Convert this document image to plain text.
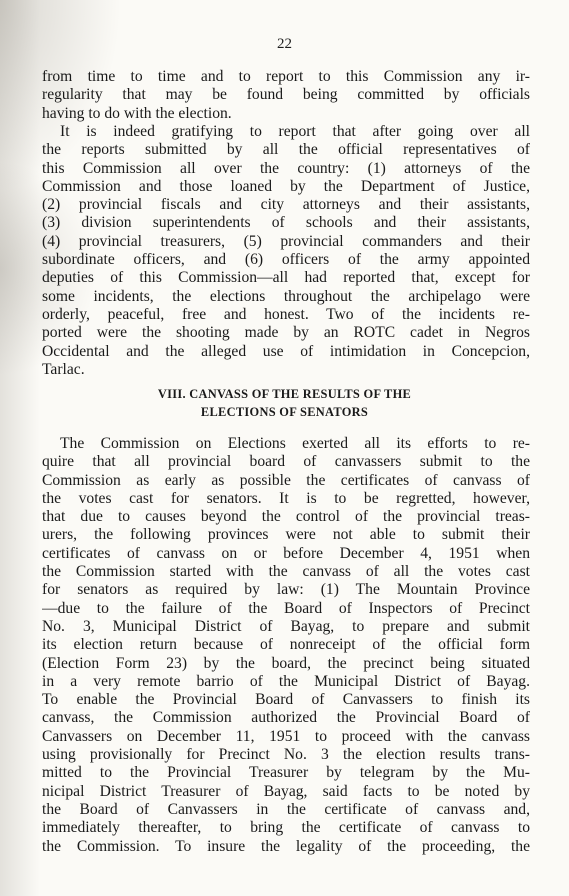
22
from time to time and to report to this Commission any ir-
regularity that may be found being committed by officials
having to do with the election.
It is indeed gratifying to report that after going over all
the reports submitted by all the official representatives of
this Commission all over the country: (1) attorneys of the
Commission and those loaned by the Department of Justice,
(2) provincial fiscals and city attorneys and their assistants,
(3) division superintendents of schools and their assistants,
(4) provincial treasurers, (5) provincial commanders and their
subordinate officers, and (6) officers of the army appointed
deputies of this Commission—all had reported that, except for
some incidents, the elections throughout the archipelago were
orderly, peaceful, free and honest. Two of the incidents re-
ported were the shooting made by an ROTC cadet in Negros
Occidental and the alleged use of intimidation in Concepcion,
Tarlac.
VIII. CANVASS OF THE RESULTS OF THE
ELECTIONS OF SENATORS
The Commission on Elections exerted all its efforts to re-
quire that all provincial board of canvassers submit to the
Commission as early as possible the certificates of canvass of
the votes cast for senators. It is to be regretted, however,
that due to causes beyond the control of the provincial treas-
urers, the following provinces were not able to submit their
certificates of canvass on or before December 4, 1951 when
the Commission started with the canvass of all the votes cast
for senators as required by law: (1) The Mountain Province
—due to the failure of the Board of Inspectors of Precinct
No. 3, Municipal District of Bayag, to prepare and submit
its election return because of nonreceipt of the official form
(Election Form 23) by the board, the precinct being situated
in a very remote barrio of the Municipal District of Bayag.
To enable the Provincial Board of Canvassers to finish its
canvass, the Commission authorized the Provincial Board of
Canvassers on December 11, 1951 to proceed with the canvass
using provisionally for Precinct No. 3 the election results trans-
mitted to the Provincial Treasurer by telegram by the Mu-
nicipal District Treasurer of Bayag, said facts to be noted by
the Board of Canvassers in the certificate of canvass and,
immediately thereafter, to bring the certificate of canvass to
the Commission. To insure the legality of the proceeding, the
